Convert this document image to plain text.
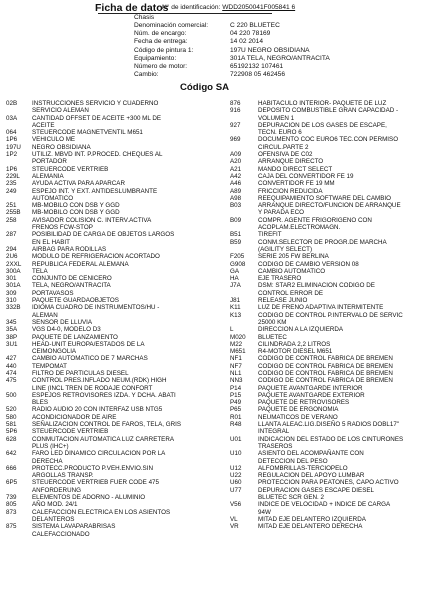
Ficha de datos
N° de identificación: WDD2050041F005841 6
Chasis
Denominación comercial:	C 220 BLUETEC
Núm. de encargo:	04 220 78169
Fecha de entrega:	14 02 2014
Código de pintura 1:	197U NEGRO OBSIDIANA
Equipamiento:	301A TELA, NEGRO/ANTRACITA
Número de motor:	65192132 107461
Cambio:	722908 05 462456
Código SA
02B	INSTRUCCIONES SERVICIO Y CUADERNO
SERVICIO ALEMAN
03A	CANTIDAD OFFSET DE ACEITE +300 ML DE
ACEITE
064	STEUERCODE MAGNETVENTIL M651
1P6	VEHICULO ME
197U	NEGRO OBSIDIANA
1P2	UTILIZ. MBVD INT. P.PROCED. CHEQUES AL
PORTADOR
1P6	STEUERCODE VERTRIEB
229L	ALEMANIA
235	AYUDA ACTIVA PARA APARCAR
249	ESPEJO INT. Y EXT. ANTIDESLUMBRANTE
AUTOMATICO
251	MB-MOBILO CON DSB Y GGD
255B	MB-MOBILO CON DSB Y GGD
258	AVISADOR COLISION C. INTERV.ACTIVA
FRENOS FCW-STOP
287	POSIBILIDAD DE CARGA DE OBJETOS LARGOS
EN EL HABIT
294	AIRBAG PARA RODILLAS
2U6	MODULO DE REFRIGERACION ACORTADO
2XXL	REPUBLICA FEDERAL ALEMANA
300A	TELA
301	CONJUNTO DE CENICERO
301A	TELA, NEGRO/ANTRACITA
309	PORTAVASOS
310	PAQUETE GUARDAOBJETOS
332B	IDIOMA CUADRO DE INSTRUMENTOS/HU -
ALEMAN
345	SENSOR DE LLUVIA
35A	VGS D4-0, MODELO D3
38P	PAQUETE DE LANZAMIENTO
3U1	HEAD-UNIT EUROPA/ESTADOS DE LA
CEIMONGOLIA
427	CAMBIO AUTOMATICO DE 7 MARCHAS
440	TEMPOMAT
474	FILTRO DE PARTICULAS DIESEL
475	CONTROL PRES.INFLADO NEUM.(RDK) HIGH
LINE (INCL TREN DE RODAJE CONFORT
500	ESPEJOS RETROVISORES IZDA. Y DCHA. ABATI
BLES
520	RADIO AUDIO 20 CON INTERFAZ USB NTG5
580	ACONDICIONADOR DE AIRE
581	SEÑALIZACION CONTROL DE FAROS, TELA, GRIS
5P6	STEUERCODE VERTRIEB
628	CONMUTACION AUTOMATICA LUZ CARRETERA
PLUS (IHC+)
642	FARO LED DINAMICO CIRCULACION POR LA
DERECHA
666	PROTECC.PRODUCTO P.VEH.ENVIO.SIN
ARGOLLAS TRANSP.
6P5	STEUERCODE VERTRIEB FUER CODE 475
ANFORDERUNG
739	ELEMENTOS DE ADORNO - ALUMINIO
805	AÑO MOD. 24/1
873	CALEFACCION ELECTRICA EN LOS ASIENTOS
DELANTEROS
875	SISTEMA LAVAPARABRISAS
CALEFACCIONADO
876	HABITACULO INTERIOR- PAQUETE DE LUZ
916	DEPOSITO COMBUSTIBLE GRAN CAPACIDAD -
VOLUMEN 1
927	DEPURACION DE LOS GASES DE ESCAPE,
TECN. EURO 6
969	DOCUMENTO COC EURO6 TEC.CON PERMISO
CIRCUL.PARTE 2
A09	OFENSIVA DE C02
A20	ARRANQUE DIRECTO
A21	MANDO DIRECT SELECT
A42	CAJA DEL CONVERTIDOR FE 19
A46	CONVERTIDOR FE 19 MM
A89	FRICCION REDUCIDA
A98	REEQUIPAMIENTO SOFTWARE DEL CAMBIO
B03	ARRANQUE DIRECTO/FUNCION DE ARRANQUE
Y PARADA ECO
B09	COMPR. AGENTE FRIGORIGENO CON
ACOPLAM.ELECTROMAGN.
B51	TIREFIT
B59	CONM.SELECTOR DE PROGR.DE MARCHA
(AGILITY SELECT)
F205	SERIE 205 FW BERLINA
G908	CODIGO DE CAMBIO VERSION 08
GA	CAMBIO AUTOMATICO
HA	EJE TRASERO
J7A	DSM: STAR2 ELIMINACION CODIGO DE
CONTROL ERROR DE
J81	RELEASE JUNIO
K11	LUZ DE FRENO ADAPTIVA INTERMITENTE
K13	CODIGO DE CONTROL P.INTERVALO DE SERVIC
25000 KM
L	DIRECCION A LA IZQUIERDA
M020	BLUETEC
M22	CILINDRADA 2,2 LITROS
M651	R4-MOTOR DIESEL M651
NF1	CODIGO DE CONTROL FABRICA DE BREMEN
NF7	CODIGO DE CONTROL FABRICA DE BREMEN
NL1	CODIGO DE CONTROL FABRICA DE BREMEN
NN3	CODIGO DE CONTROL FABRICA DE BREMEN
P14	PAQUETE AVANTGARDE INTERIOR
P15	PAQUETE AVANTGARDE EXTERIOR
P49	PAQUETE DE RETROVISORES
P65	PAQUETE DE ERGONOMIA
R01	NEUMATICOS DE VERANO
R48	LLANTA ALEAC.LIG.DISEÑO 5 RADIOS DOBL17"
INTEGRAL
U01	INDICACION DEL ESTADO DE LOS CINTURONES
TRASEROS
U10	ASIENTO DEL ACOMPAÑANTE CON
DETECCION DEL PESO
U12	ALFOMBRILLAS-TERCIOPELO
U22	REGULACION DEL APOYO LUMBAR
U60	PROTECCION PARA PEATONES, CAPO ACTIVO
U77	DEPURACION GASES ESCAPE DIESEL
BLUETEC SCR GEN. 2
V56	INDICE DE VELOCIDAD + INDICE DE CARGA
94W
VL	MITAD EJE DELANTERO IZQUIERDA
VR	MITAD EJE DELANTERO DERECHA
